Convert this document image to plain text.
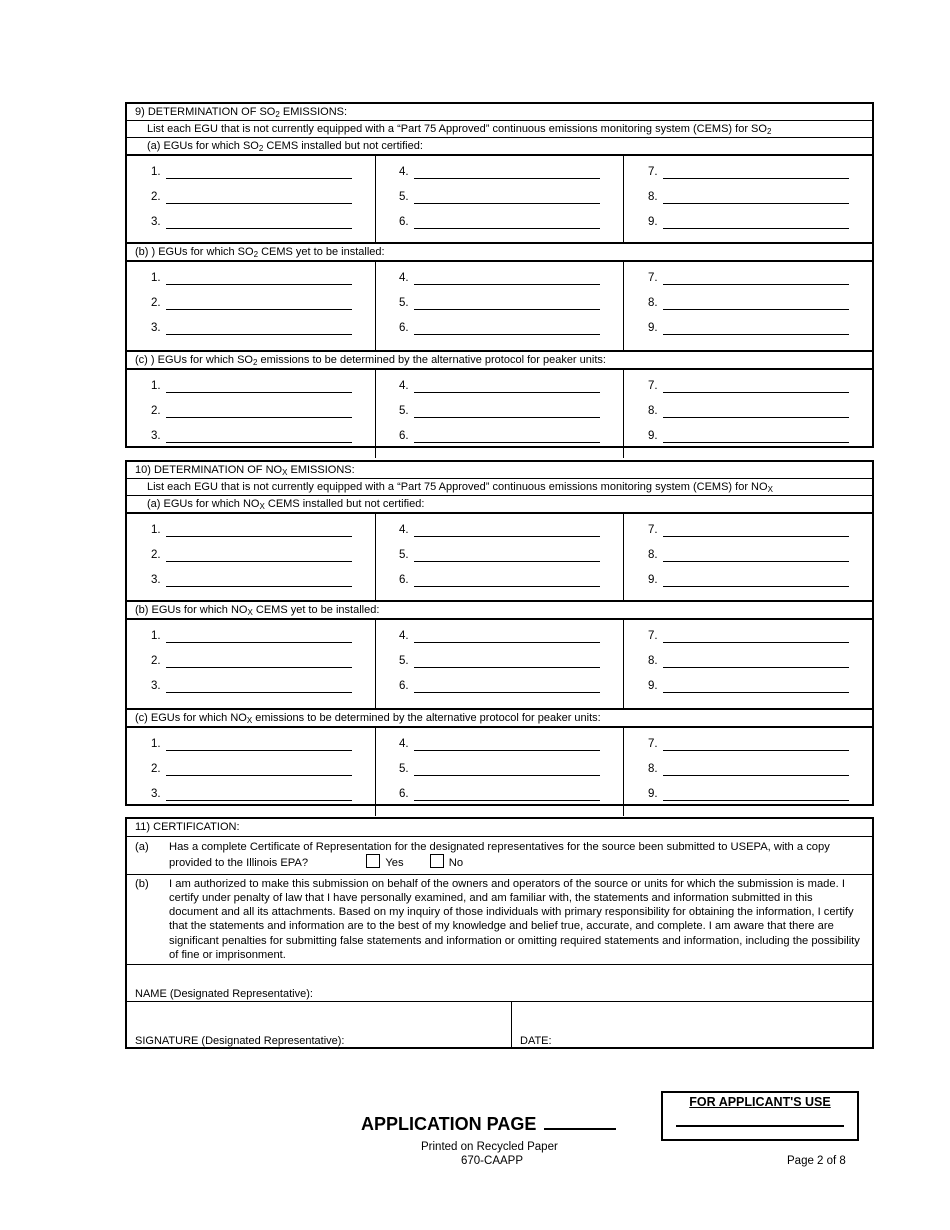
9) DETERMINATION OF $SO_2$ EMISSIONS:
List each EGU that is not currently equipped with a “Part 75 Approved” continuous emissions monitoring system (CEMS) for $SO_2$
(a) EGUs for which $SO_2$ CEMS installed but not certified:
1.
2.
3.
4.
5.
6.
7.
8.
9.
(b) ) EGUs for which $SO_2$ CEMS yet to be installed:
1.
2.
3.
4.
5.
6.
7.
8.
9.
(c) ) EGUs for which $SO_2$ emissions to be determined by the alternative protocol for peaker units:
1.
2.
3.
4.
5.
6.
7.
8.
9.
10) DETERMINATION OF $NO_X$ EMISSIONS:
List each EGU that is not currently equipped with a “Part 75 Approved” continuous emissions monitoring system (CEMS) for $NO_X$
(a) EGUs for which $NO_X$ CEMS installed but not certified:
1.
2.
3.
4.
5.
6.
7.
8.
9.
(b) EGUs for which $NO_X$ CEMS yet to be installed:
1.
2.
3.
4.
5.
6.
7.
8.
9.
(c) EGUs for which $NO_X$ emissions to be determined by the alternative protocol for peaker units:
1.
2.
3.
4.
5.
6.
7.
8.
9.
11) CERTIFICATION:
(a)	Has a complete Certificate of Representation for the designated representatives for the source been submitted to USEPA, with a copy provided to the Illinois EPA?	Yes	No
(b)	I am authorized to make this submission on behalf of the owners and operators of the source or units for which the submission is made. I certify under penalty of law that I have personally examined, and am familiar with, the statements and information submitted in this document and all its attachments. Based on my inquiry of those individuals with primary responsibility for obtaining the information, I certify that the statements and information are to the best of my knowledge and belief true, accurate, and complete. I am aware that there are significant penalties for submitting false statements and information or omitting required statements and information, including the possibility of fine or imprisonment.
NAME (Designated Representative):
SIGNATURE (Designated Representative):	DATE:
APPLICATION PAGE
Printed on Recycled Paper
670-CAAPP	Page 2 of 8
FOR APPLICANT'S USE
